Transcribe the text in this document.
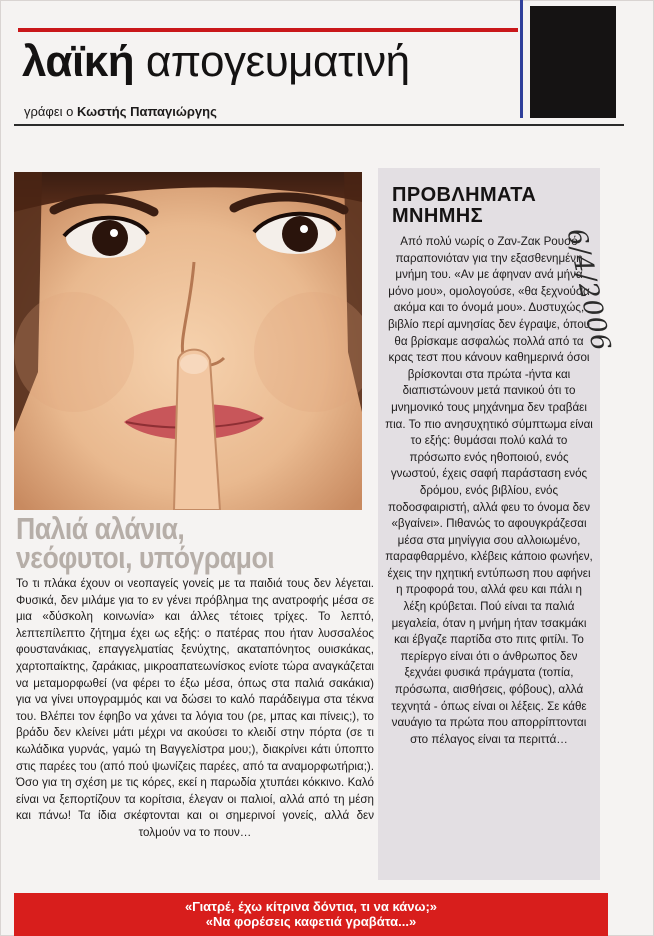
λαϊκή απογευματινή
γράφει ο Κωστής Παπαγιώργης
Παλιά αλάνια,
νεόφυτοι, υπόγραμοι

Το τι πλάκα έχουν οι νεοπαγείς γονείς με τα παιδιά τους δεν λέγεται. Φυσικά, δεν μιλάμε για το εν γένει πρόβλημα της ανατροφής μέσα σε μια «δύσκολη κοινωνία» και άλλες τέτοιες τρίχες. Το λεπτό, λεπτεπίλεπτο ζήτημα έχει ως εξής: ο πατέρας που ήταν λυσσαλέος φουστανάκιας, επαγγελματίας ξενύχτης, ακαταπόνητος ουισκάκας, χαρτοπαίκτης, ζαράκιας, μικροαπατεωνίσκος ενίοτε τώρα αναγκάζεται να μεταμορφωθεί (να φέρει το έξω μέσα, όπως στα παλιά σακάκια) για να γίνει υπογραμμός και να δώσει το καλό παράδειγμα στα τέκνα του. Βλέπει τον έφηβο να χάνει τα λόγια του (ρε, μπας και πίνεις;), το βράδυ δεν κλείνει μάτι μέχρι να ακούσει το κλειδί στην πόρτα (σε τι κωλάδικα γυρνάς, γαμώ τη Βαγγελίστρα μου;), διακρίνει κάτι ύποπτο στις παρέες του (από πού ψωνίζεις παρέες, από τα αναμορφωτήρια;). Όσο για τη σχέση με τις κόρες, εκεί η παρωδία χτυπάει κόκκινο. Καλό είναι να ξεπορτίζουν τα κορίτσια, έλεγαν οι παλιοί, αλλά από τη μέση και πάνω! Τα ίδια σκέφτονται και οι σημερινοί γονείς, αλλά δεν τολμούν να το πουν…

ΠΡΟΒΛΗΜΑΤΑ
ΜΝΗΜΗΣ

Από πολύ νωρίς ο Ζαν-Ζακ Ρουσό παραπονιόταν για την εξασθενημένη μνήμη του. «Αν με άφηναν ανά μήνα μόνο μου», ομολογούσε, «θα ξεχνούσα ακόμα και το όνομά μου». Δυστυχώς, βιβλίο περί αμνησίας δεν έγραψε, όπου θα βρίσκαμε ασφαλώς πολλά από τα κρας τεστ που κάνουν καθημερινά όσοι βρίσκονται στα πρώτα -ήντα και διαπιστώνουν μετά πανικού ότι το μνημονικό τους μηχάνημα δεν τραβάει πια. Το πιο ανησυχητικό σύμπτωμα είναι το εξής: θυμάσαι πολύ καλά το πρόσωπο ενός ηθοποιού, ενός γνωστού, έχεις σαφή παράσταση ενός δρόμου, ενός βιβλίου, ενός ποδοσφαιριστή, αλλά φευ το όνομα δεν «βγαίνει». Πιθανώς το αφουγκράζεσαι μέσα στα μηνίγγια σου αλλοιωμένο, παραφθαρμένο, κλέβεις κάποιο φωνήεν, έχεις την ηχητική εντύπωση που αφήνει η προφορά του, αλλά φευ και πάλι η λέξη κρύβεται. Πού είναι τα παλιά μεγαλεία, όταν η μνήμη ήταν τσακμάκι και έβγαζε παρτίδα στο πιτς φιτίλι. Το περίεργο είναι ότι ο άνθρωπος δεν ξεχνάει φυσικά πράγματα (τοπία, πρόσωπα, αισθήσεις, φόβους), αλλά τεχνητά - όπως είναι οι λέξεις. Σε κάθε ναυάγιο τα πρώτα που απορρίπτονται στο πέλαγος είναι τα περιττά…

6/4/2006
«Γιατρέ, έχω κίτρινα δόντια, τι να κάνω;»
«Να φορέσεις καφετιά γραβάτα...»
